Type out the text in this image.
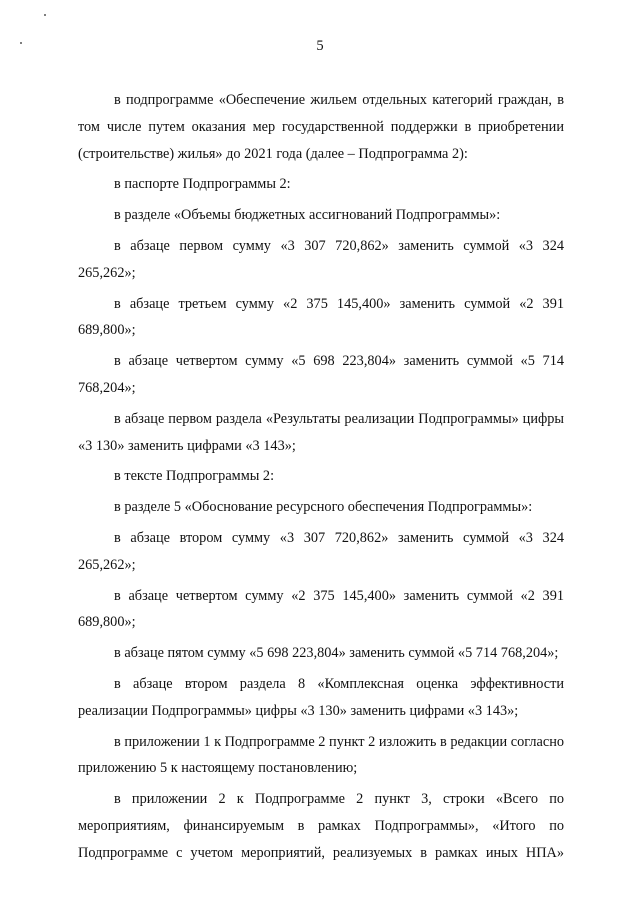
5

в подпрограмме «Обеспечение жильем отдельных категорий граждан, в том числе путем оказания мер государственной поддержки в приобретении (строительстве) жилья» до 2021 года (далее – Подпрограмма 2):

в паспорте Подпрограммы 2:

в разделе «Объемы бюджетных ассигнований Подпрограммы»:

в абзаце первом сумму «3 307 720,862» заменить суммой «3 324 265,262»;

в абзаце третьем сумму «2 375 145,400» заменить суммой «2 391 689,800»;

в абзаце четвертом сумму «5 698 223,804» заменить суммой «5 714 768,204»;

в абзаце первом раздела «Результаты реализации Подпрограммы» цифры «3 130» заменить цифрами «3 143»;

в тексте Подпрограммы 2:

в разделе 5 «Обоснование ресурсного обеспечения Подпрограммы»:

в абзаце втором сумму «3 307 720,862» заменить суммой «3 324 265,262»;

в абзаце четвертом сумму «2 375 145,400» заменить суммой «2 391 689,800»;

в абзаце пятом сумму «5 698 223,804» заменить суммой «5 714 768,204»;

в абзаце втором раздела 8 «Комплексная оценка эффективности реализации Подпрограммы» цифры «3 130» заменить цифрами «3 143»;

в приложении 1 к Подпрограмме 2 пункт 2 изложить в редакции согласно приложению 5 к настоящему постановлению;

в приложении 2 к Подпрограмме 2 пункт 3, строки «Всего по мероприятиям, финансируемым в рамках Подпрограммы», «Итого по Подпрограмме с учетом мероприятий, реализуемых в рамках иных НПА»
